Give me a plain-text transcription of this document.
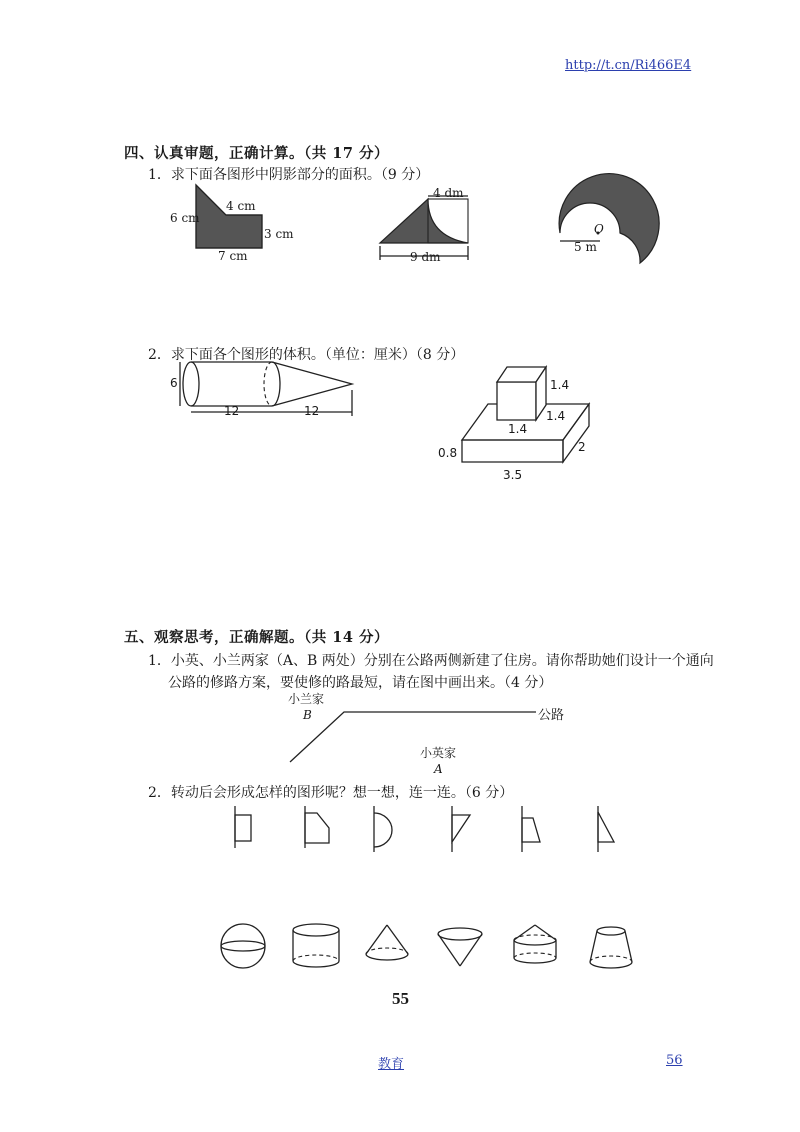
http://t.cn/Ri466E4
四、认真审题，正确计算。（共 17 分）
1．求下面各图形中阴影部分的面积。（9 分）
6 cm
4 cm
3 cm
7 cm
4 dm
9 dm
O
5 m
2．求下面各个图形的体积。（单位：厘米）（8 分）
6
12	12
1.4
1.4
1.4
0.8	2
3.5
五、观察思考，正确解题。（共 14 分）
1．小英、小兰两家（A、B 两处）分别在公路两侧新建了住房。请你帮助她们设计一个通向
公路的修路方案，要使修的路最短，请在图中画出来。（4 分）
小兰家
B	公路
小英家
A
2．转动后会形成怎样的图形呢？想一想，连一连。（6 分）
55
教育	56
